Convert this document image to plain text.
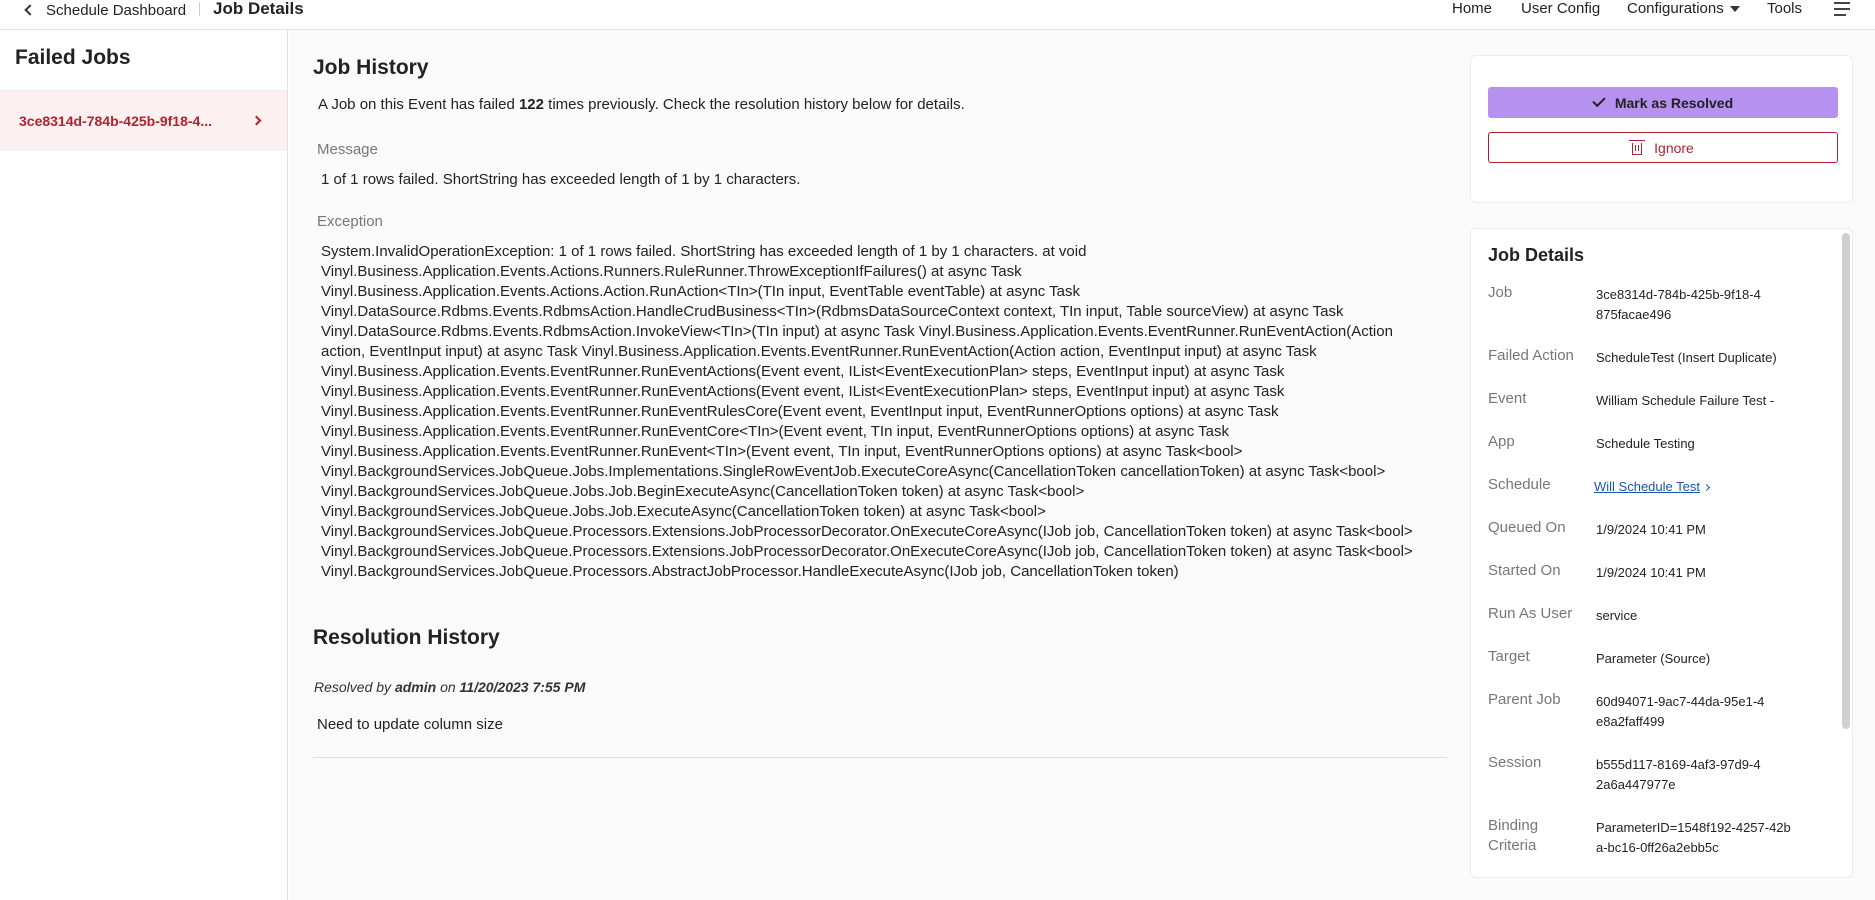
Schedule Dashboard Job Details	Home User Config Configurations	Tools
Failed Jobs
3ce8314d-784b-425b-9f18-4...
Job History
A Job on this Event has failed 122 times previously. Check the resolution history below for details.
Message
1 of 1 rows failed. ShortString has exceeded length of 1 by 1 characters.
Exception
System.InvalidOperationException: 1 of 1 rows failed. ShortString has exceeded length of 1 by 1 characters. at void
Vinyl.Business.Application.Events.Actions.Runners.RuleRunner.ThrowExceptionIfFailures() at async Task
Vinyl.Business.Application.Events.Actions.Action.RunAction<TIn>(TIn input, EventTable eventTable) at async Task
Vinyl.DataSource.Rdbms.Events.RdbmsAction.HandleCrudBusiness<TIn>(RdbmsDataSourceContext context, TIn input, Table sourceView) at async Task
Vinyl.DataSource.Rdbms.Events.RdbmsAction.InvokeView<TIn>(TIn input) at async Task Vinyl.Business.Application.Events.EventRunner.RunEventAction(Action
action, EventInput input) at async Task Vinyl.Business.Application.Events.EventRunner.RunEventAction(Action action, EventInput input) at async Task
Vinyl.Business.Application.Events.EventRunner.RunEventActions(Event event, IList<EventExecutionPlan> steps, EventInput input) at async Task
Vinyl.Business.Application.Events.EventRunner.RunEventActions(Event event, IList<EventExecutionPlan> steps, EventInput input) at async Task
Vinyl.Business.Application.Events.EventRunner.RunEventRulesCore(Event event, EventInput input, EventRunnerOptions options) at async Task
Vinyl.Business.Application.Events.EventRunner.RunEventCore<TIn>(Event event, TIn input, EventRunnerOptions options) at async Task
Vinyl.Business.Application.Events.EventRunner.RunEvent<TIn>(Event event, TIn input, EventRunnerOptions options) at async Task<bool>
Vinyl.BackgroundServices.JobQueue.Jobs.Implementations.SingleRowEventJob.ExecuteCoreAsync(CancellationToken cancellationToken) at async Task<bool>
Vinyl.BackgroundServices.JobQueue.Jobs.Job.BeginExecuteAsync(CancellationToken token) at async Task<bool>
Vinyl.BackgroundServices.JobQueue.Jobs.Job.ExecuteAsync(CancellationToken token) at async Task<bool>
Vinyl.BackgroundServices.JobQueue.Processors.Extensions.JobProcessorDecorator.OnExecuteCoreAsync(IJob job, CancellationToken token) at async Task<bool>
Vinyl.BackgroundServices.JobQueue.Processors.Extensions.JobProcessorDecorator.OnExecuteCoreAsync(IJob job, CancellationToken token) at async Task<bool>
Vinyl.BackgroundServices.JobQueue.Processors.AbstractJobProcessor.HandleExecuteAsync(IJob job, CancellationToken token)
Resolution History
Resolved by admin on 11/20/2023 7:55 PM
Need to update column size
Mark as Resolved
Ignore
Job Details
Job	3ce8314d-784b-425b-9f18-4875facae496
Failed Action	ScheduleTest (Insert Duplicate)
Event	William Schedule Failure Test -
App	Schedule Testing
Schedule	Will Schedule Test
Queued On	1/9/2024 10:41 PM
Started On	1/9/2024 10:41 PM
Run As User	service
Target	Parameter (Source)
Parent Job	60d94071-9ac7-44da-95e1-4e8a2faff499
Session	b555d117-8169-4af3-97d9-42a6a447977e
Binding Criteria
ParameterID=1548f192-4257-42ba-bc16-0ff26a2ebb5c
